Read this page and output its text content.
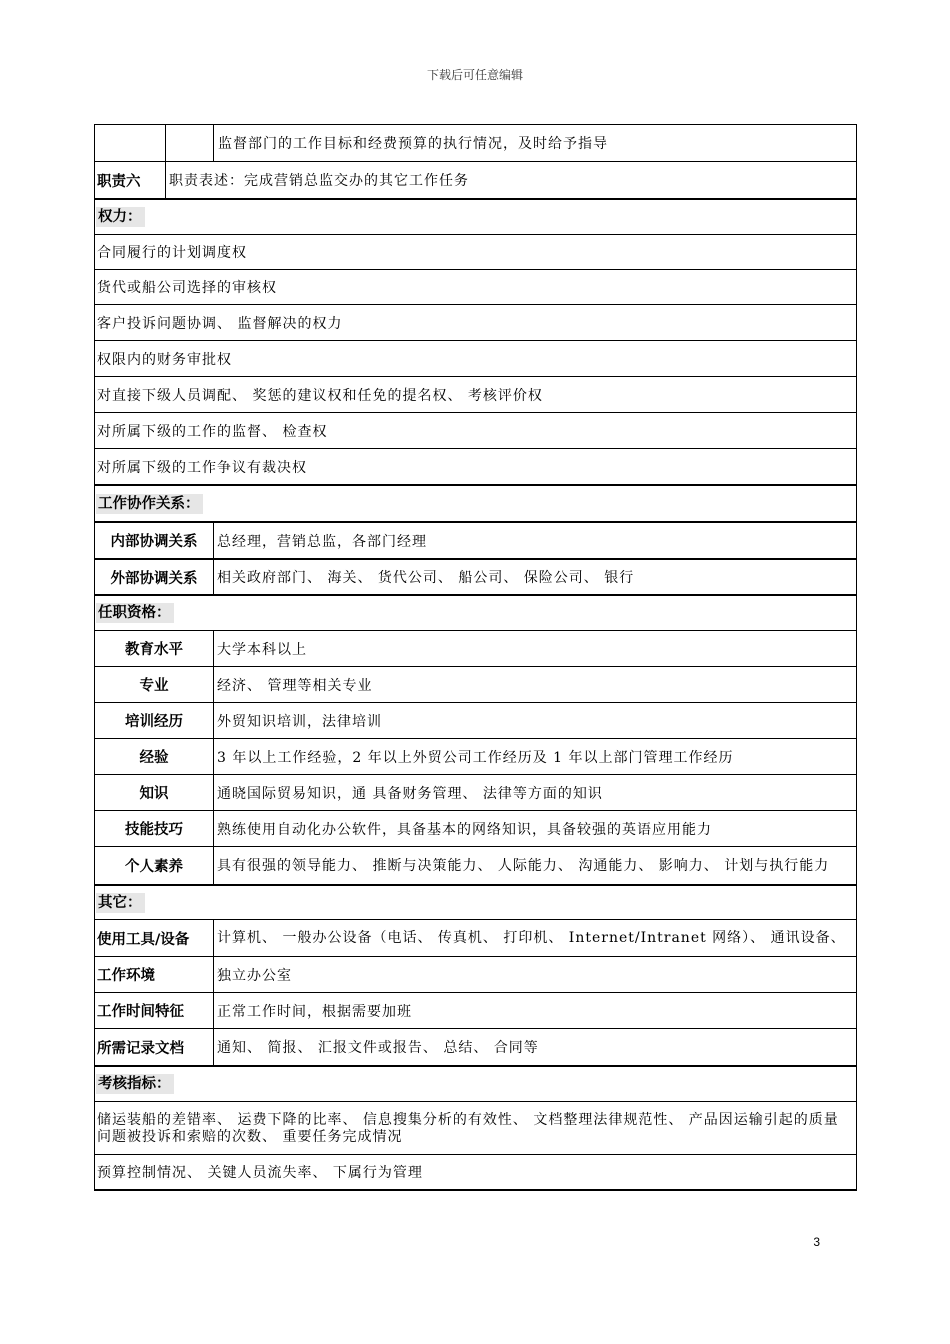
下载后可任意编辑
监督部门的工作目标和经费预算的执行情况，及时给予指导
职责六	职责表述：完成营销总监交办的其它工作任务
权力：
合同履行的计划调度权
货代或船公司选择的审核权
客户投诉问题协调、 监督解决的权力
权限内的财务审批权
对直接下级人员调配、 奖惩的建议权和任免的提名权、 考核评价权
对所属下级的工作的监督、 检查权
对所属下级的工作争议有裁决权
工作协作关系：
内部协调关系	总经理，营销总监，各部门经理
外部协调关系	相关政府部门、 海关、 货代公司、 船公司、 保险公司、 银行
任职资格：
教育水平	大学本科以上
专业	经济、 管理等相关专业
培训经历	外贸知识培训，法律培训
经验	3 年以上工作经验，2 年以上外贸公司工作经历及 1 年以上部门管理工作经历
知识	通晓国际贸易知识，通 具备财务管理、 法律等方面的知识
技能技巧	熟练使用自动化办公软件，具备基本的网络知识，具备较强的英语应用能力
个人素养	具有很强的领导能力、 推断与决策能力、 人际能力、 沟通能力、 影响力、 计划与执行能力
其它：
使用工具/设备	计算机、 一般办公设备（电话、 传真机、 打印机、 Internet/Intranet 网络）、 通讯设备、
工作环境	独立办公室
工作时间特征	正常工作时间，根据需要加班
所需记录文档	通知、 简报、 汇报文件或报告、 总结、 合同等
考核指标：
储运装船的差错率、 运费下降的比率、 信息搜集分析的有效性、 文档整理法律规范性、 产品因运输引起的质量问题被投诉和索赔的次数、 重要任务完成情况
预算控制情况、 关键人员流失率、 下属行为管理
3
